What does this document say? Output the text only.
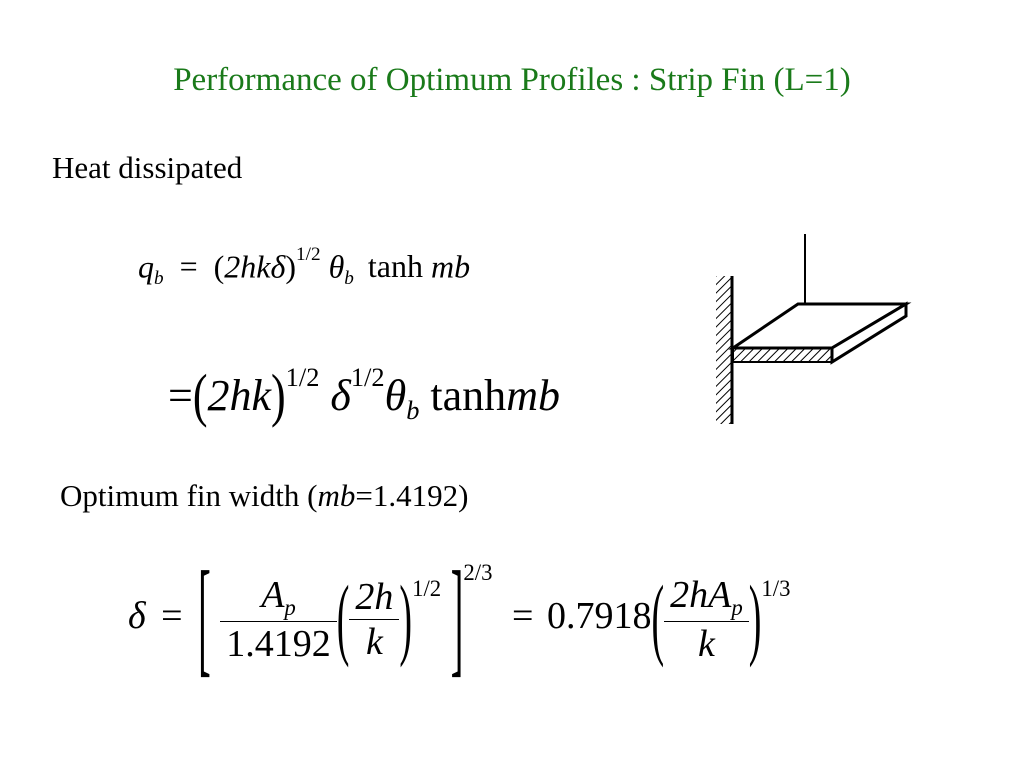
Performance of Optimum Profiles : Strip Fin (L=1)
Heat dissipated
$q_b = (2hk\delta)^{1/2}$ $\theta_b$ tanh mb
$=(2hk)^{1/2}$ $\delta^{1/2}\theta_b$ tanhmb
Optimum fin width (mb=1.4192)
δ = [ $\frac{A_p}{1.4192}$ ( $\frac{2h}{k} )^{1/2}$ ]$^{2/3} = 0.7918( \frac{2hA_p}{k} )^{1/3}$
